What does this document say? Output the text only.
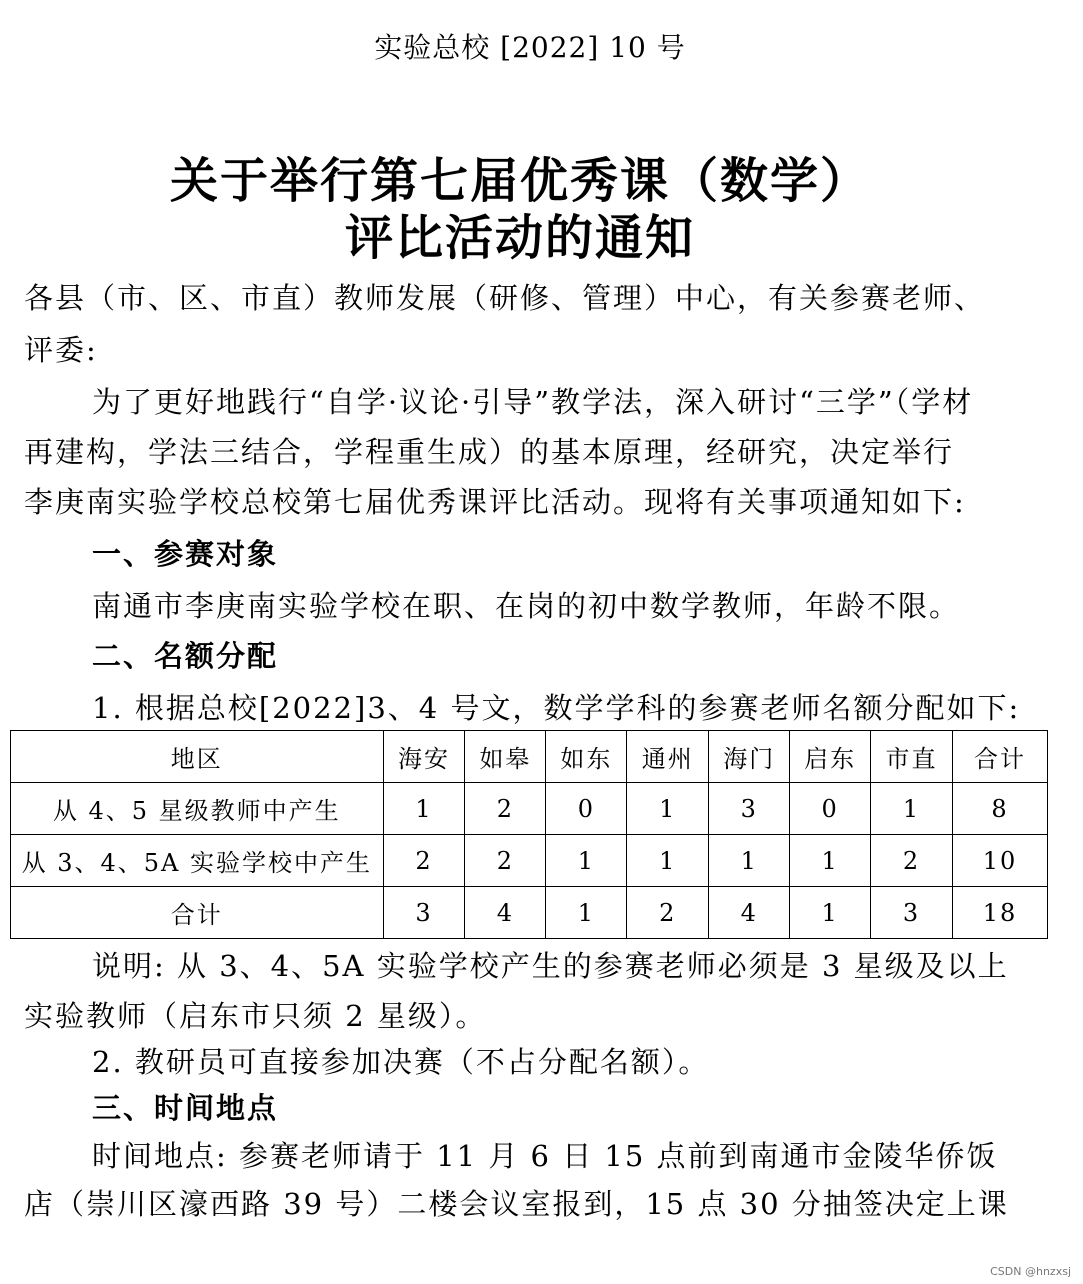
实验总校 [2022] 10 号
关于举行第七届优秀课（数学）
评比活动的通知
各县（市、区、市直）教师发展（研修、管理）中心，有关参赛老师、
评委:
为了更好地践行“自学·议论·引导”教学法，深入研讨“三学”（学材
再建构，学法三结合，学程重生成）的基本原理，经研究，决定举行
李庚南实验学校总校第七届优秀课评比活动。现将有关事项通知如下:
一、参赛对象
南通市李庚南实验学校在职、在岗的初中数学教师，年龄不限。
二、名额分配
1. 根据总校[2022]3、4 号文，数学学科的参赛老师名额分配如下:
地区	海安	如皋	如东	通州	海门	启东	市直	合计
从 4、5 星级教师中产生	1	2	0	1	3	0	1	8
从 3、4、5A 实验学校中产生	2	2	1	1	1	1	2	10
合计	3	4	1	2	4	1	3	18
说明: 从 3、4、5A 实验学校产生的参赛老师必须是 3 星级及以上
实验教师（启东市只须 2 星级）。
2. 教研员可直接参加决赛（不占分配名额）。
三、时间地点
时间地点: 参赛老师请于 11 月 6 日 15 点前到南通市金陵华侨饭
店（崇川区濠西路 39 号）二楼会议室报到，15 点 30 分抽签决定上课
CSDN @hnzxsj
